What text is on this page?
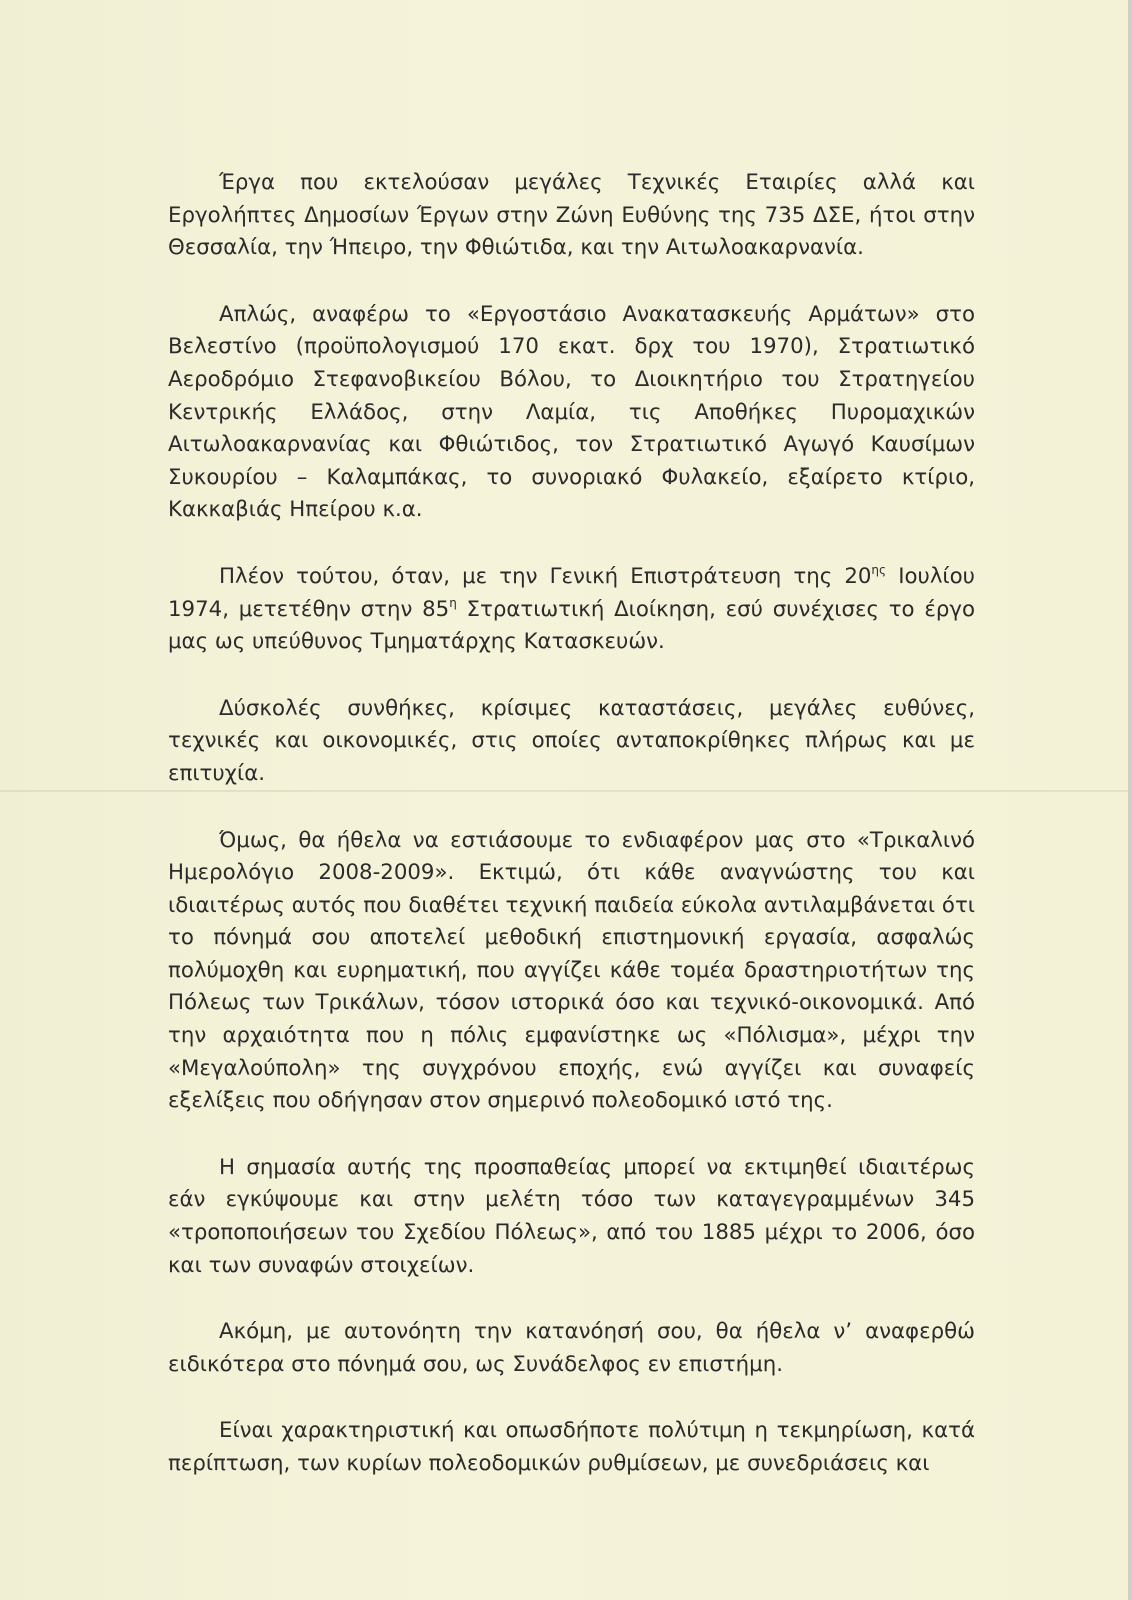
Έργα που εκτελούσαν μεγάλες Τεχνικές Εταιρίες αλλά και Εργολήπτες Δημοσίων Έργων στην Ζώνη Ευθύνης της 735 ΔΣΕ, ήτοι στην Θεσσαλία, την Ήπειρο, την Φθιώτιδα, και την Αιτωλοακαρνανία.

Απλώς, αναφέρω το «Εργοστάσιο Ανακατασκευής Αρμάτων» στο Βελεστίνο (προϋπολογισμού 170 εκατ. δρχ του 1970), Στρατιωτικό Αεροδρόμιο Στεφανοβικείου Βόλου, το Διοικητήριο του Στρατηγείου Κεντρικής Ελλάδος, στην Λαμία, τις Αποθήκες Πυρομαχικών Αιτωλοακαρνανίας και Φθιώτιδος, τον Στρατιωτικό Αγωγό Καυσίμων Συκουρίου – Καλαμπάκας, το συνοριακό Φυλακείο, εξαίρετο κτίριο, Κακκαβιάς Ηπείρου κ.α.

Πλέον τούτου, όταν, με την Γενική Επιστράτευση της $20^{\eta\varsigma}$ Ιουλίου 1974, μετετέθην στην $85^\eta$ Στρατιωτική Διοίκηση, εσύ συνέχισες το έργο μας ως υπεύθυνος Τμηματάρχης Κατασκευών.

Δύσκολές συνθήκες, κρίσιμες καταστάσεις, μεγάλες ευθύνες, τεχνικές και οικονομικές, στις οποίες ανταποκρίθηκες πλήρως και με επιτυχία.

Όμως, θα ήθελα να εστιάσουμε το ενδιαφέρον μας στο «Τρικαλινό Ημερολόγιο 2008-2009». Εκτιμώ, ότι κάθε αναγνώστης του και ιδιαιτέρως αυτός που διαθέτει τεχνική παιδεία εύκολα αντιλαμβάνεται ότι το πόνημά σου αποτελεί μεθοδική επιστημονική εργασία, ασφαλώς πολύμοχθη και ευρηματική, που αγγίζει κάθε τομέα δραστηριοτήτων της Πόλεως των Τρικάλων, τόσον ιστορικά όσο και τεχνικό-οικονομικά. Από την αρχαιότητα που η πόλις εμφανίστηκε ως «Πόλισμα», μέχρι την «Μεγαλούπολη» της συγχρόνου εποχής, ενώ αγγίζει και συναφείς εξελίξεις που οδήγησαν στον σημερινό πολεοδομικό ιστό της.

Η σημασία αυτής της προσπαθείας μπορεί να εκτιμηθεί ιδιαιτέρως εάν εγκύψουμε και στην μελέτη τόσο των καταγεγραμμένων 345 «τροποποιήσεων του Σχεδίου Πόλεως», από του 1885 μέχρι το 2006, όσο και των συναφών στοιχείων.

Ακόμη, με αυτονόητη την κατανόησή σου, θα ήθελα ν’ αναφερθώ ειδικότερα στο πόνημά σου, ως Συνάδελφος εν επιστήμη.

Είναι χαρακτηριστική και οπωσδήποτε πολύτιμη η τεκμηρίωση, κατά περίπτωση, των κυρίων πολεοδομικών ρυθμίσεων, με συνεδριάσεις και
